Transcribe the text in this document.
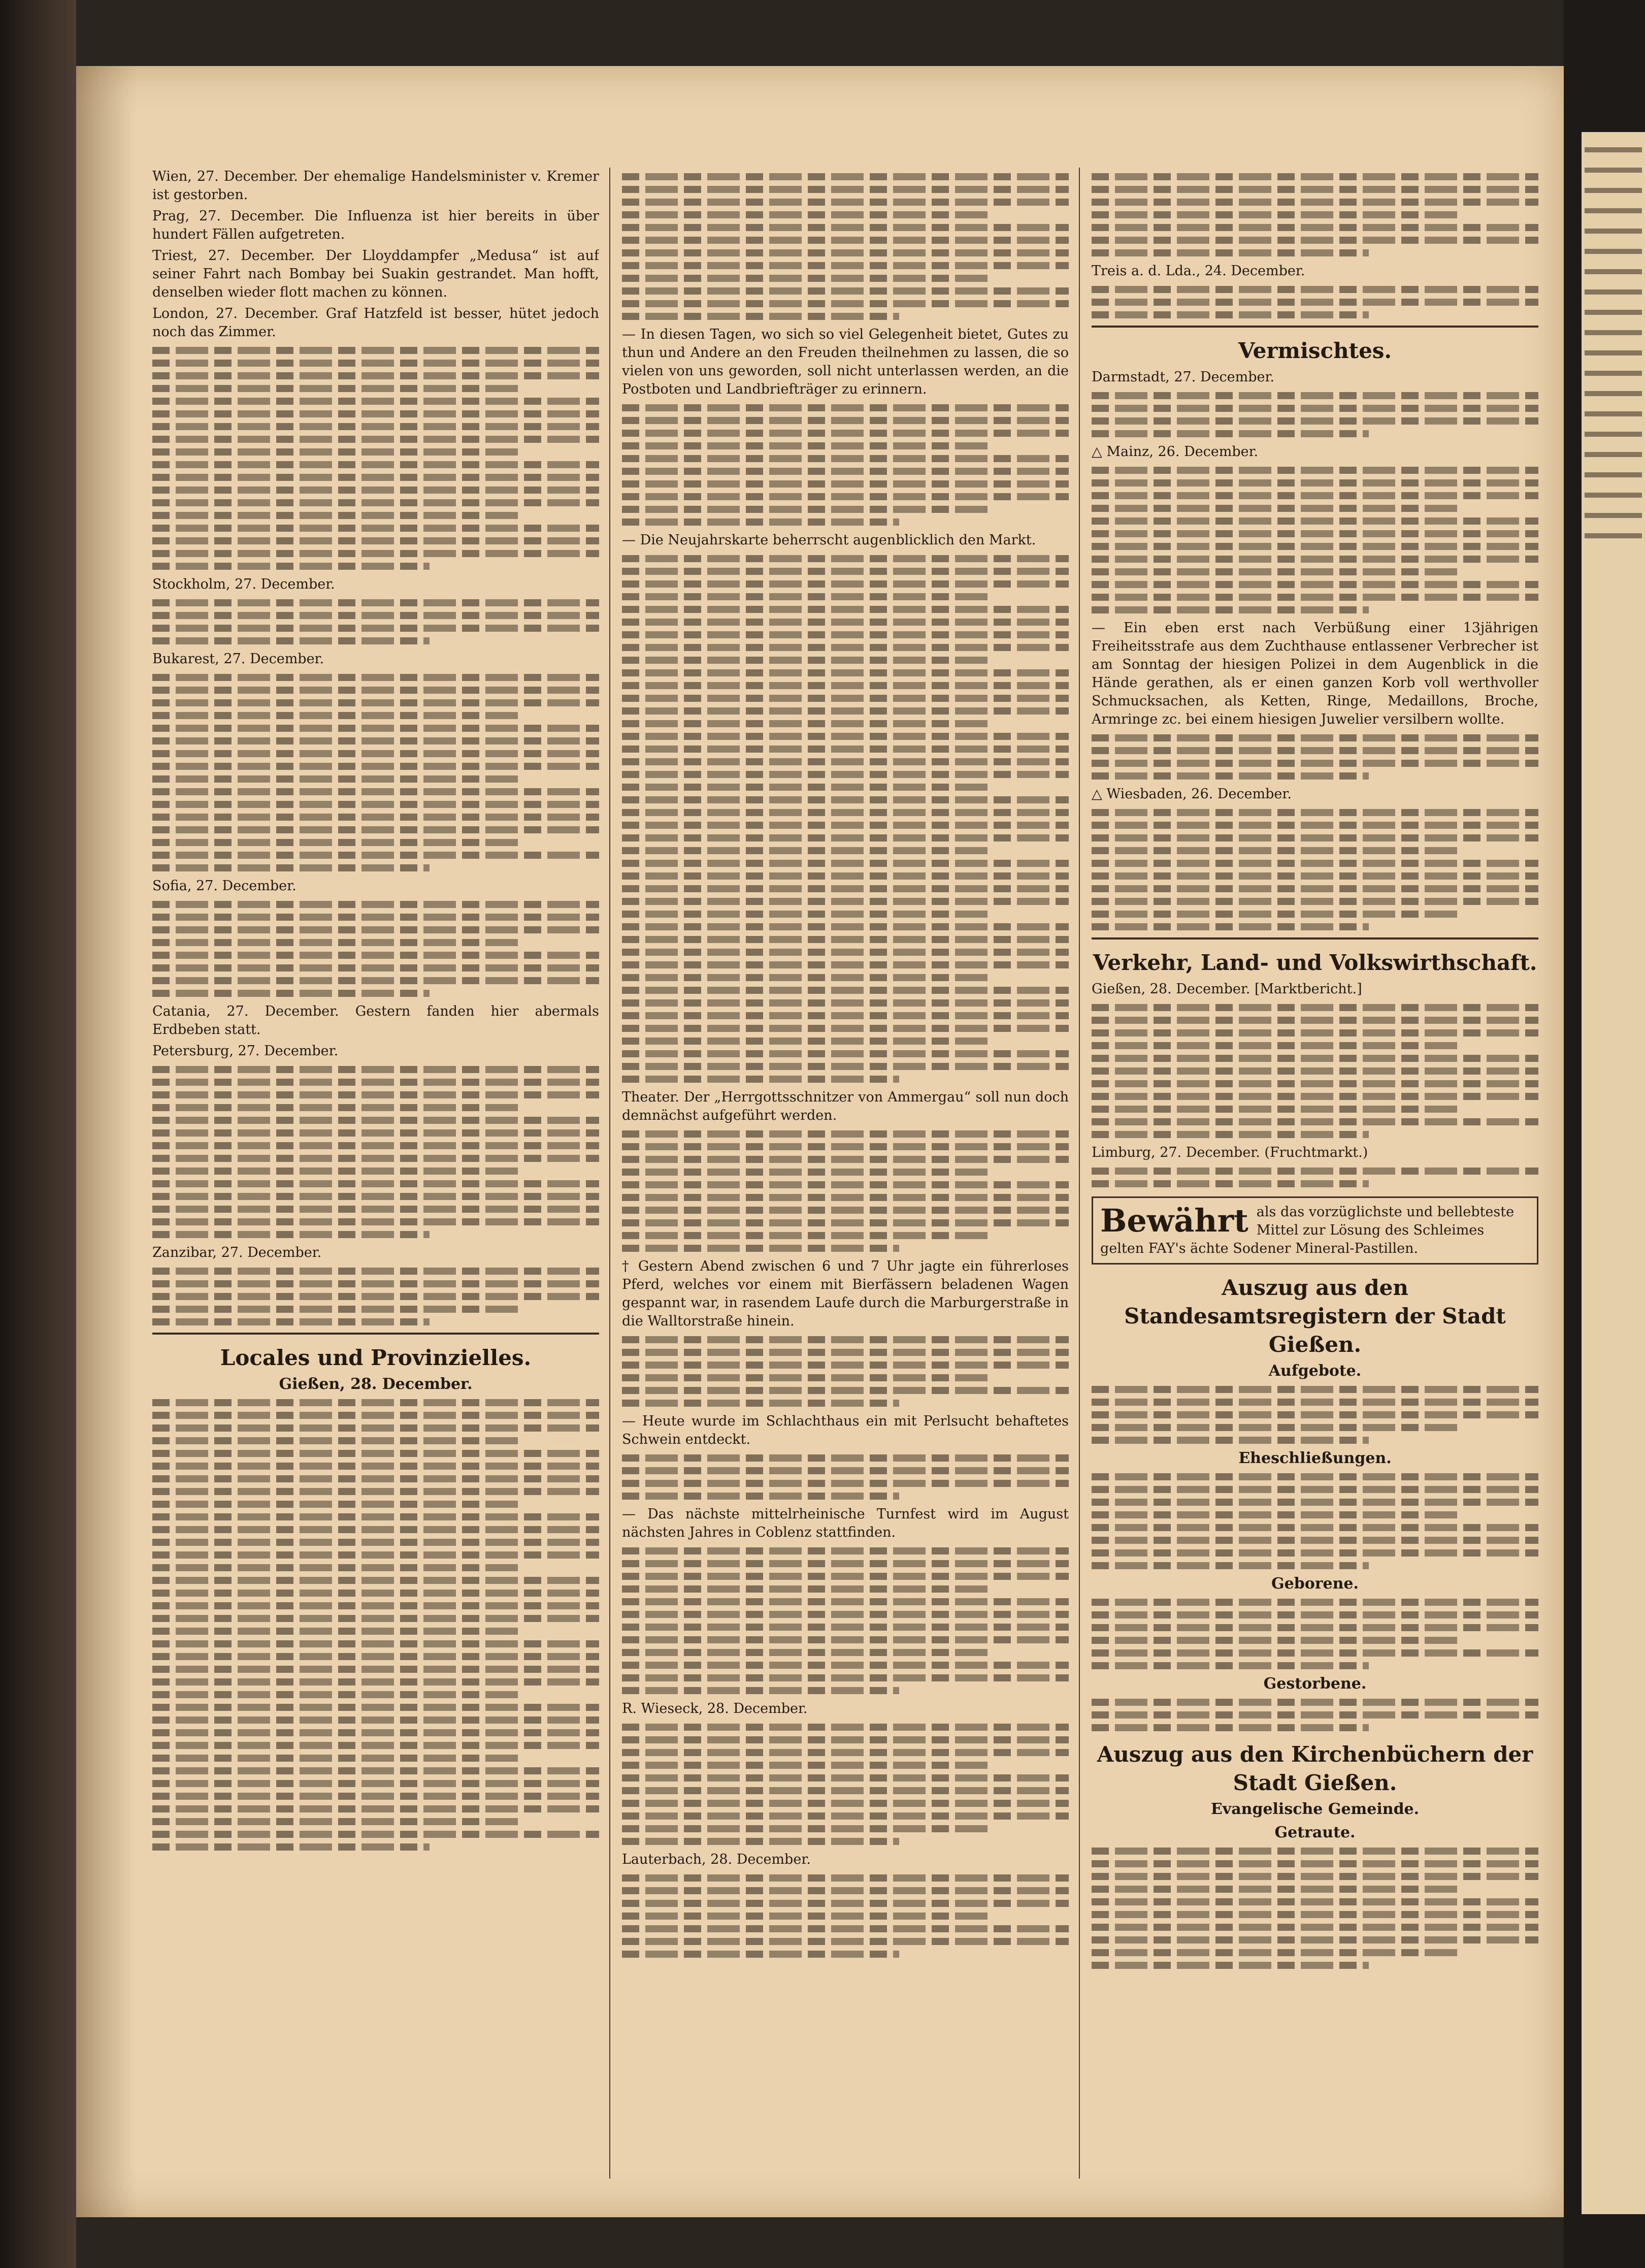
Wien, 27. December. Der ehemalige Handelsminister v. Kremer ist gestorben.

Prag, 27. December. Die Influenza ist hier bereits in über hundert Fällen aufgetreten.

Triest, 27. December. Der Lloyddampfer „Medusa“ ist auf seiner Fahrt nach Bombay bei Suakin gestrandet. Man hofft, denselben wieder flott machen zu können.

London, 27. December. Graf Hatzfeld ist besser, hütet jedoch noch das Zimmer.

Stockholm, 27. December.

Bukarest, 27. December.

Sofia, 27. December.

Catania, 27. December. Gestern fanden hier abermals Erdbeben statt.

Petersburg, 27. December.

Zanzibar, 27. December.

Locales und Provinzielles.
Gießen, 28. December.

— In diesen Tagen, wo sich so viel Gelegenheit bietet, Gutes zu thun und Andere an den Freuden theilnehmen zu lassen, die so vielen von uns geworden, soll nicht unterlassen werden, an die Postboten und Landbriefträger zu erinnern.

— Die Neujahrskarte beherrscht augenblicklich den Markt.

Theater. Der „Herrgottsschnitzer von Ammergau“ soll nun doch demnächst aufgeführt werden.

† Gestern Abend zwischen 6 und 7 Uhr jagte ein führerloses Pferd, welches vor einem mit Bierfässern beladenen Wagen gespannt war, in rasendem Laufe durch die Marburgerstraße in die Walltorstraße hinein.

— Heute wurde im Schlachthaus ein mit Perlsucht behaftetes Schwein entdeckt.

— Das nächste mittelrheinische Turnfest wird im August nächsten Jahres in Coblenz stattfinden.

R. Wieseck, 28. December.

Lauterbach, 28. December.

Treis a. d. Lda., 24. December.

Vermischtes.

Darmstadt, 27. December.

△ Mainz, 26. December.

— Ein eben erst nach Verbüßung einer 13jährigen Freiheitsstrafe aus dem Zuchthause entlassener Verbrecher ist am Sonntag der hiesigen Polizei in dem Augenblick in die Hände gerathen, als er einen ganzen Korb voll werthvoller Schmucksachen, als Ketten, Ringe, Medaillons, Broche, Armringe zc. bei einem hiesigen Juwelier versilbern wollte.

△ Wiesbaden, 26. December.

Verkehr, Land- und Volkswirthschaft.

Gießen, 28. December. [Marktbericht.]

Limburg, 27. December. (Fruchtmarkt.)

Bewährt als das vorzüglichste und bellebteste Mittel zur Lösung des Schleimes gelten FAY's ächte Sodener Mineral-Pastillen.
Auszug aus den Standesamtsregistern der Stadt Gießen.
Aufgebote.
Eheschließungen.
Geborene.
Gestorbene.
Auszug aus den Kirchenbüchern der Stadt Gießen.
Evangelische Gemeinde.
Getraute.
